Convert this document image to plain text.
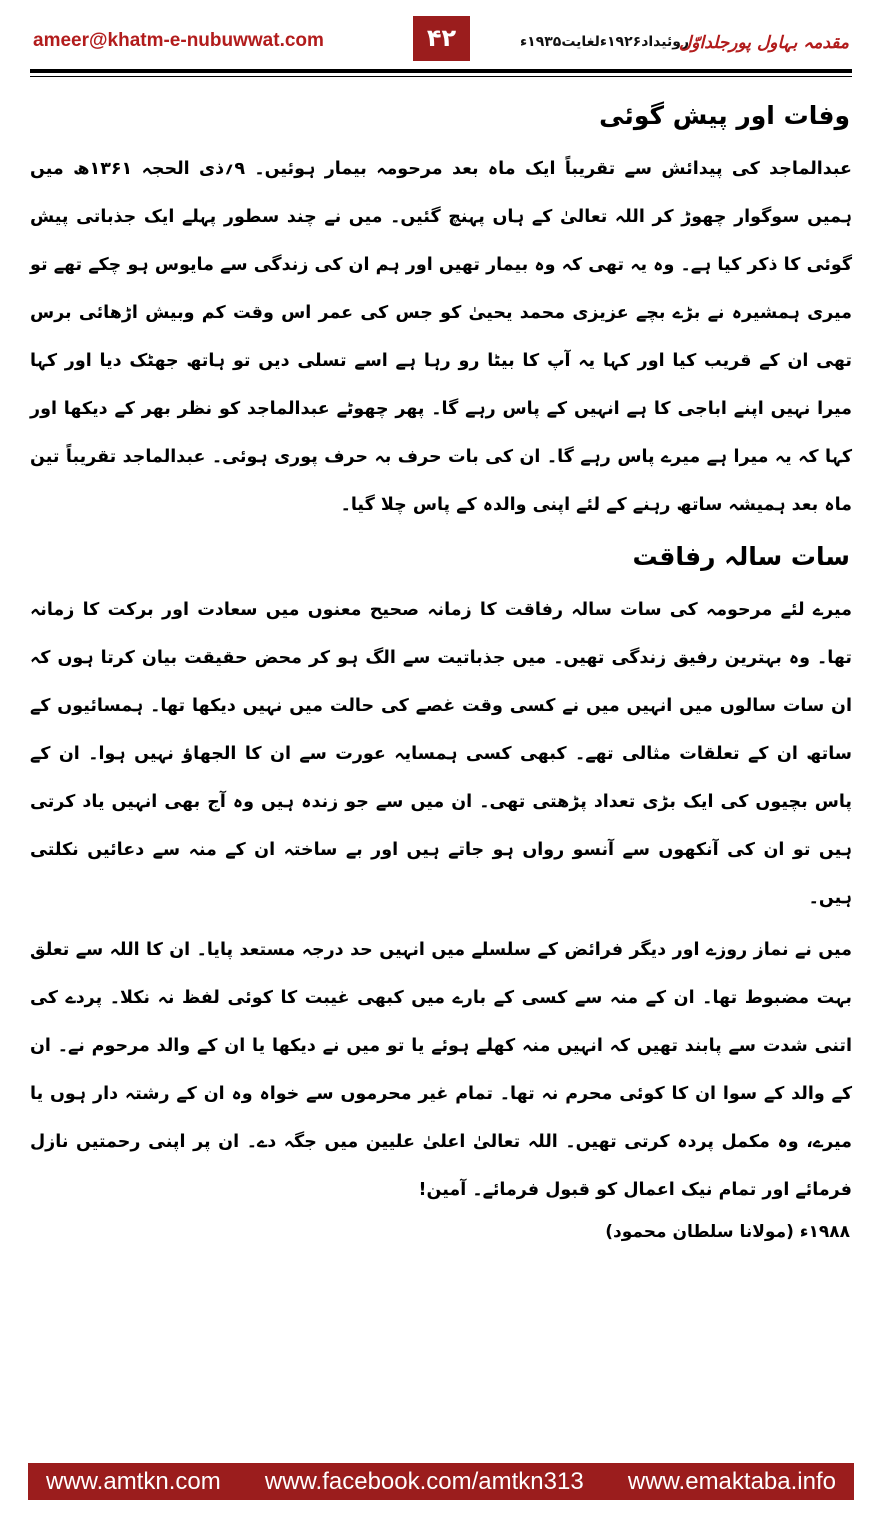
ameer@khatm-e-nubuwwat.com	۴۲	روئیداد۱۹۲۶ءلغایت۱۹۳۵ء
مقدمہ بہاول پورجلداوّل
وفات اور پیش گوئی

عبدالماجد کی پیدائش سے تقریباً ایک ماہ بعد مرحومہ بیمار ہوئیں۔ ۹؍ذی الحجہ ۱۳۶۱ھ میں ہمیں سوگوار چھوڑ کر اللہ تعالیٰ کے ہاں پہنچ گئیں۔ میں نے چند سطور پہلے ایک جذباتی پیش گوئی کا ذکر کیا ہے۔ وہ یہ تھی کہ وہ بیمار تھیں اور ہم ان کی زندگی سے مایوس ہو چکے تھے تو میری ہمشیرہ نے بڑے بچے عزیزی محمد یحییٰ کو جس کی عمر اس وقت کم وبیش اڑھائی برس تھی ان کے قریب کیا اور کہا یہ آپ کا بیٹا رو رہا ہے اسے تسلی دیں تو ہاتھ جھٹک دیا اور کہا میرا نہیں اپنے اباجی کا ہے انہیں کے پاس رہے گا۔ پھر چھوٹے عبدالماجد کو نظر بھر کے دیکھا اور کہا کہ یہ میرا ہے میرے پاس رہے گا۔ ان کی بات حرف بہ حرف پوری ہوئی۔ عبدالماجد تقریباً تین ماہ بعد ہمیشہ ساتھ رہنے کے لئے اپنی والدہ کے پاس چلا گیا۔

سات سالہ رفاقت

میرے لئے مرحومہ کی سات سالہ رفاقت کا زمانہ صحیح معنوں میں سعادت اور برکت کا زمانہ تھا۔ وہ بہترین رفیق زندگی تھیں۔ میں جذباتیت سے الگ ہو کر محض حقیقت بیان کرتا ہوں کہ ان سات سالوں میں انہیں میں نے کسی وقت غصے کی حالت میں نہیں دیکھا تھا۔ ہمسائیوں کے ساتھ ان کے تعلقات مثالی تھے۔ کبھی کسی ہمسایہ عورت سے ان کا الجھاؤ نہیں ہوا۔ ان کے پاس بچیوں کی ایک بڑی تعداد پڑھتی تھی۔ ان میں سے جو زندہ ہیں وہ آج بھی انہیں یاد کرتی ہیں تو ان کی آنکھوں سے آنسو رواں ہو جاتے ہیں اور بے ساختہ ان کے منہ سے دعائیں نکلتی ہیں۔

میں نے نماز روزے اور دیگر فرائض کے سلسلے میں انہیں حد درجہ مستعد پایا۔ ان کا اللہ سے تعلق بہت مضبوط تھا۔ ان کے منہ سے کسی کے بارے میں کبھی غیبت کا کوئی لفظ نہ نکلا۔ پردے کی اتنی شدت سے پابند تھیں کہ انہیں منہ کھلے ہوئے یا تو میں نے دیکھا یا ان کے والد مرحوم نے۔ ان کے والد کے سوا ان کا کوئی محرم نہ تھا۔ تمام غیر محرموں سے خواہ وہ ان کے رشتہ دار ہوں یا میرے، وہ مکمل پردہ کرتی تھیں۔ اللہ تعالیٰ اعلیٰ علیین میں جگہ دے۔ ان پر اپنی رحمتیں نازل فرمائے اور تمام نیک اعمال کو قبول فرمائے۔ آمین!

۱۹۸۸ء (مولانا سلطان محمود)
www.amtkn.com www.facebook.com/amtkn313 www.emaktaba.info
